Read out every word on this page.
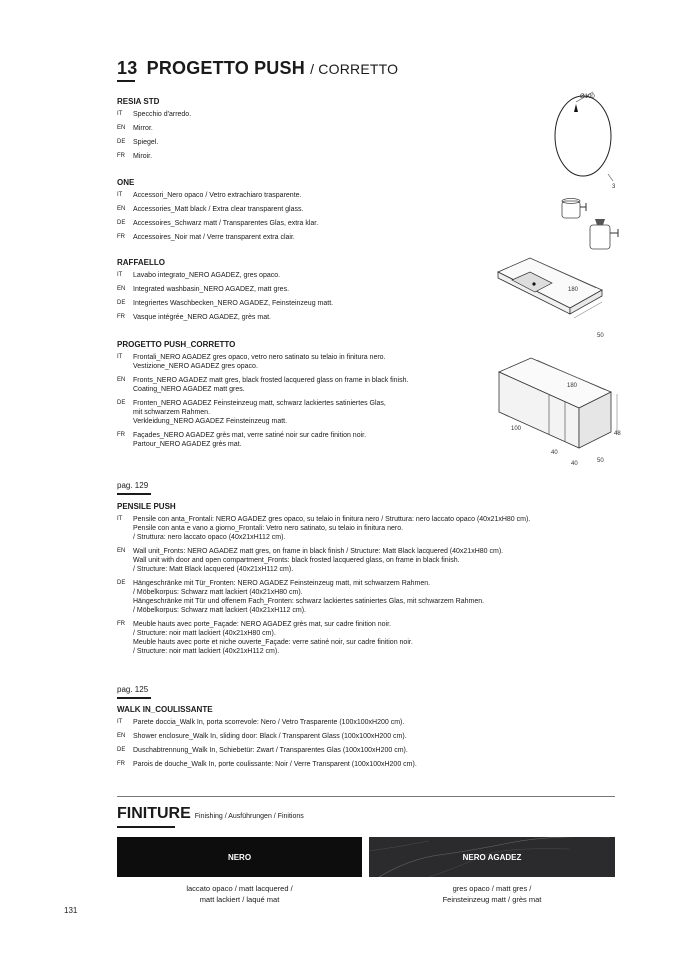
13 PROGETTO PUSH / CORRETTO
RESIA STD
IT Specchio d'arredo.
EN Mirror.
DE Spiegel.
FR Miroir.
ONE
IT Accessori_Nero opaco / Vetro extrachiaro trasparente.
EN Accessories_Matt black / Extra clear transparent glass.
DE Accessoires_Schwarz matt / Transparentes Glas, extra klar.
FR Accessoires_Noir mat / Verre transparent extra clair.
RAFFAELLO
IT Lavabo integrato_NERO AGADEZ, gres opaco.
EN Integrated washbasin_NERO AGADEZ, matt gres.
DE Integriertes Waschbecken_NERO AGADEZ, Feinsteinzeug matt.
FR Vasque intégrée_NERO AGADEZ, grès mat.
PROGETTO PUSH_CORRETTO
IT Frontali_NERO AGADEZ gres opaco, vetro nero satinato su telaio in finitura nero.
Vestizione_NERO AGADEZ gres opaco.
EN Fronts_NERO AGADEZ matt gres, black frosted lacquered glass on frame in black finish.
Coating_NERO AGADEZ matt gres.
DE Fronten_NERO AGADEZ Feinsteinzeug matt, schwarz lackiertes satiniertes Glas,
mit schwarzem Rahmen.
Verkleidung_NERO AGADEZ Feinsteinzeug matt.
FR Façades_NERO AGADEZ grès mat, verre satiné noir sur cadre finition noir.
Partour_NERO AGADEZ grès mat.
pag. 129
PENSILE PUSH
IT Pensile con anta_Frontali: NERO AGADEZ gres opaco, su telaio in finitura nero / Struttura: nero laccato opaco (40x21xH80 cm).
Pensile con anta e vano a giorno_Frontali: Vetro nero satinato, su telaio in finitura nero.
/ Struttura: nero laccato opaco (40x21xH112 cm).
EN Wall unit_Fronts: NERO AGADEZ matt gres, on frame in black finish / Structure: Matt Black lacquered (40x21xH80 cm).
Wall unit with door and open compartment_Fronts: black frosted lacquered glass, on frame in black finish.
/ Structure: Matt Black lacquered (40x21xH112 cm).
DE Hängeschränke mit Tür_Fronten: NERO AGADEZ Feinsteinzeug matt, mit schwarzem Rahmen.
/ Möbelkorpus: Schwarz matt lackiert (40x21xH80 cm).
Hängeschränke mit Tür und offenem Fach_Fronten: schwarz lackiertes satiniertes Glas, mit schwarzem Rahmen.
/ Möbelkorpus: Schwarz matt lackiert (40x21xH112 cm).
FR Meuble hauts avec porte_Façade: NERO AGADEZ grès mat, sur cadre finition noir.
/ Structure: noir matt lackiert (40x21xH80 cm).
Meuble hauts avec porte et niche ouverte_Façade: verre satiné noir, sur cadre finition noir.
/ Structure: noir matt lackiert (40x21xH112 cm).
pag. 125
WALK IN_COULISSANTE
IT Parete doccia_Walk In, porta scorrevole: Nero / Vetro Trasparente (100x100xH200 cm).
EN Shower enclosure_Walk In, sliding door: Black / Transparent Glass (100x100xH200 cm).
DE Duschabtrennung_Walk In, Schiebetür: Zwart / Transparentes Glas (100x100xH200 cm).
FR Parois de douche_Walk In, porte coulissante: Noir / Verre Transparent (100x100xH200 cm).
Ø100
3
180
50
180
48
100
40
40	50
FINITURE Finishing / Ausführungen / Finitions
NERO	NERO AGADEZ
laccato opaco / matt lacquered /
matt lackiert / laqué mat
gres opaco / matt gres /
Feinsteinzeug matt / grès mat
131
